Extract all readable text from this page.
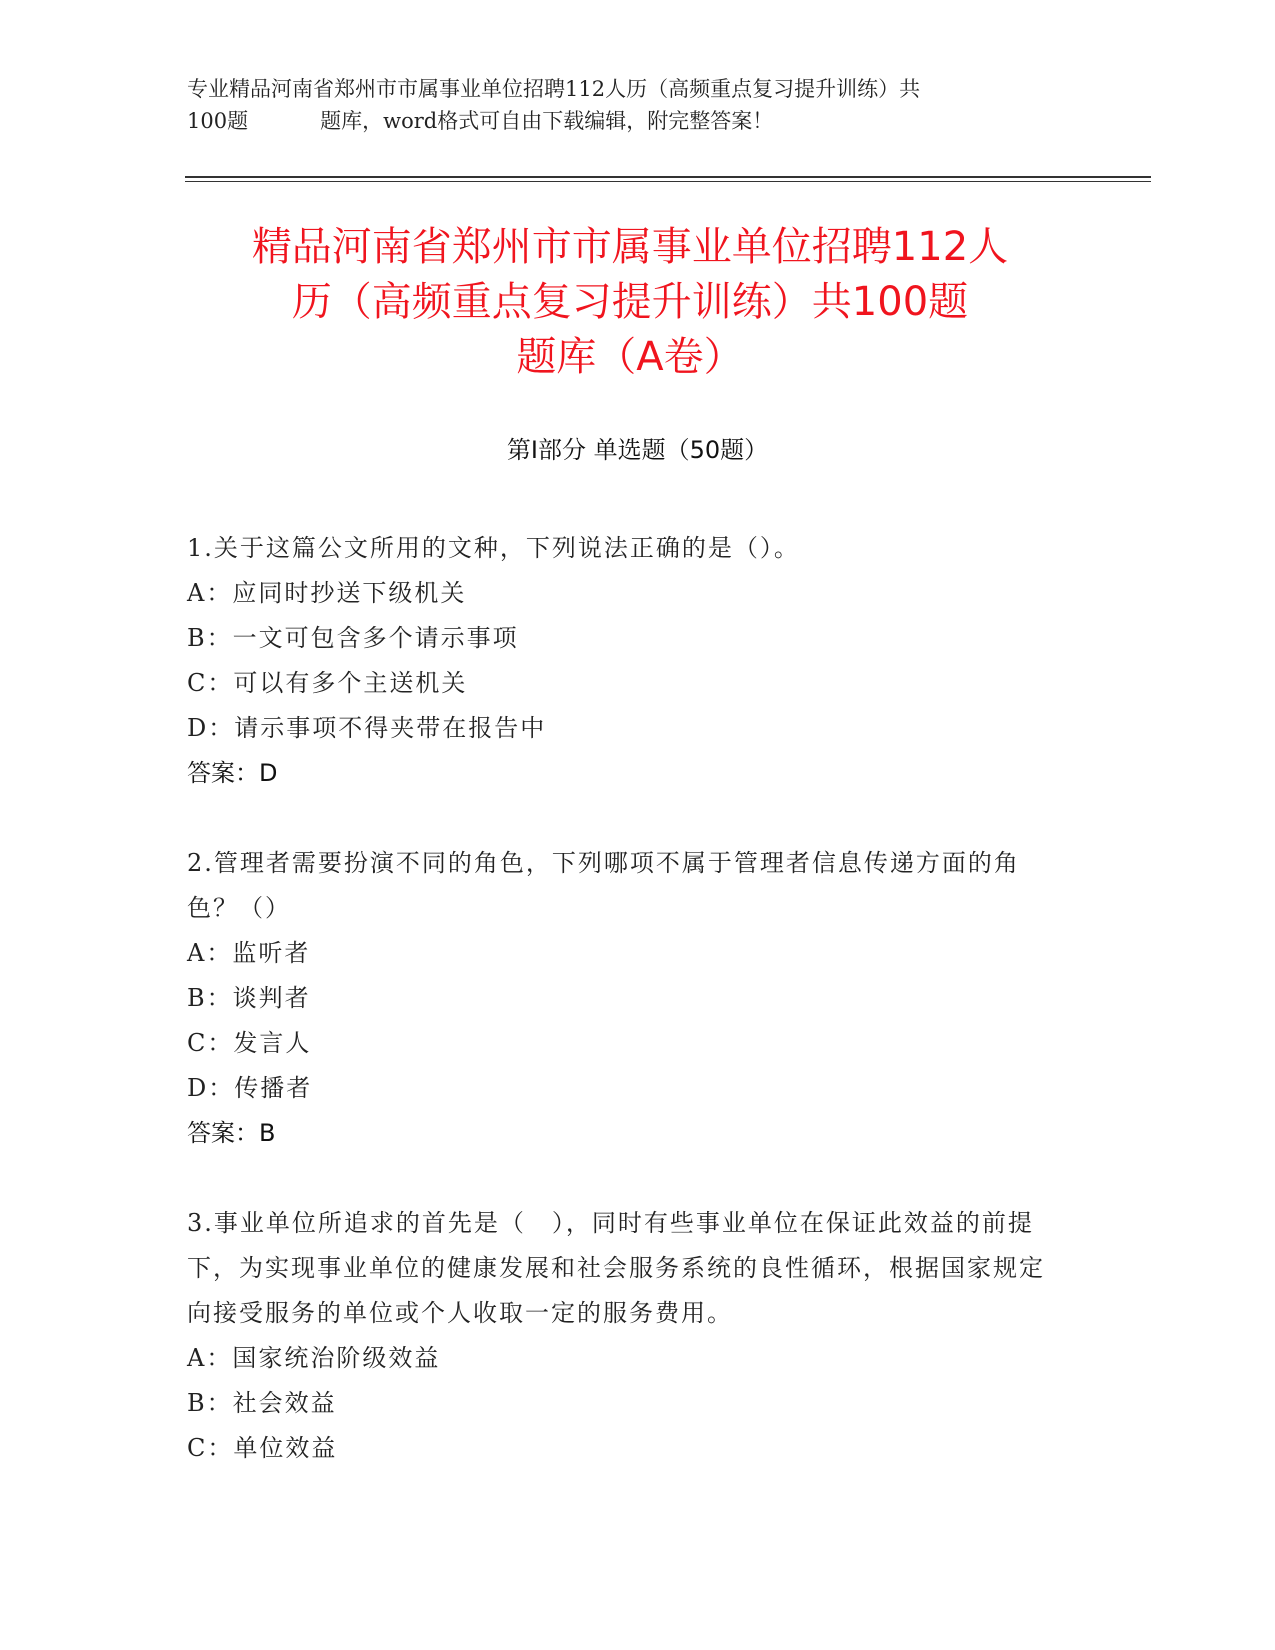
专业精品河南省郑州市市属事业单位招聘112人历（高频重点复习提升训练）共
100题	题库，word格式可自由下载编辑，附完整答案！
精品河南省郑州市市属事业单位招聘112人
历（高频重点复习提升训练）共100题
题库（A卷）
第Ⅰ部分 单选题（50题）
1.关于这篇公文所用的文种，下列说法正确的是（）。
A：应同时抄送下级机关
B：一文可包含多个请示事项
C：可以有多个主送机关
D：请示事项不得夹带在报告中
答案：D
2.管理者需要扮演不同的角色，下列哪项不属于管理者信息传递方面的角色？（）
A：监听者
B：谈判者
C：发言人
D：传播者
答案：B
3.事业单位所追求的首先是（　），同时有些事业单位在保证此效益的前提下，为实现事业单位的健康发展和社会服务系统的良性循环，根据国家规定向接受服务的单位或个人收取一定的服务费用。
A：国家统治阶级效益
B：社会效益
C：单位效益
